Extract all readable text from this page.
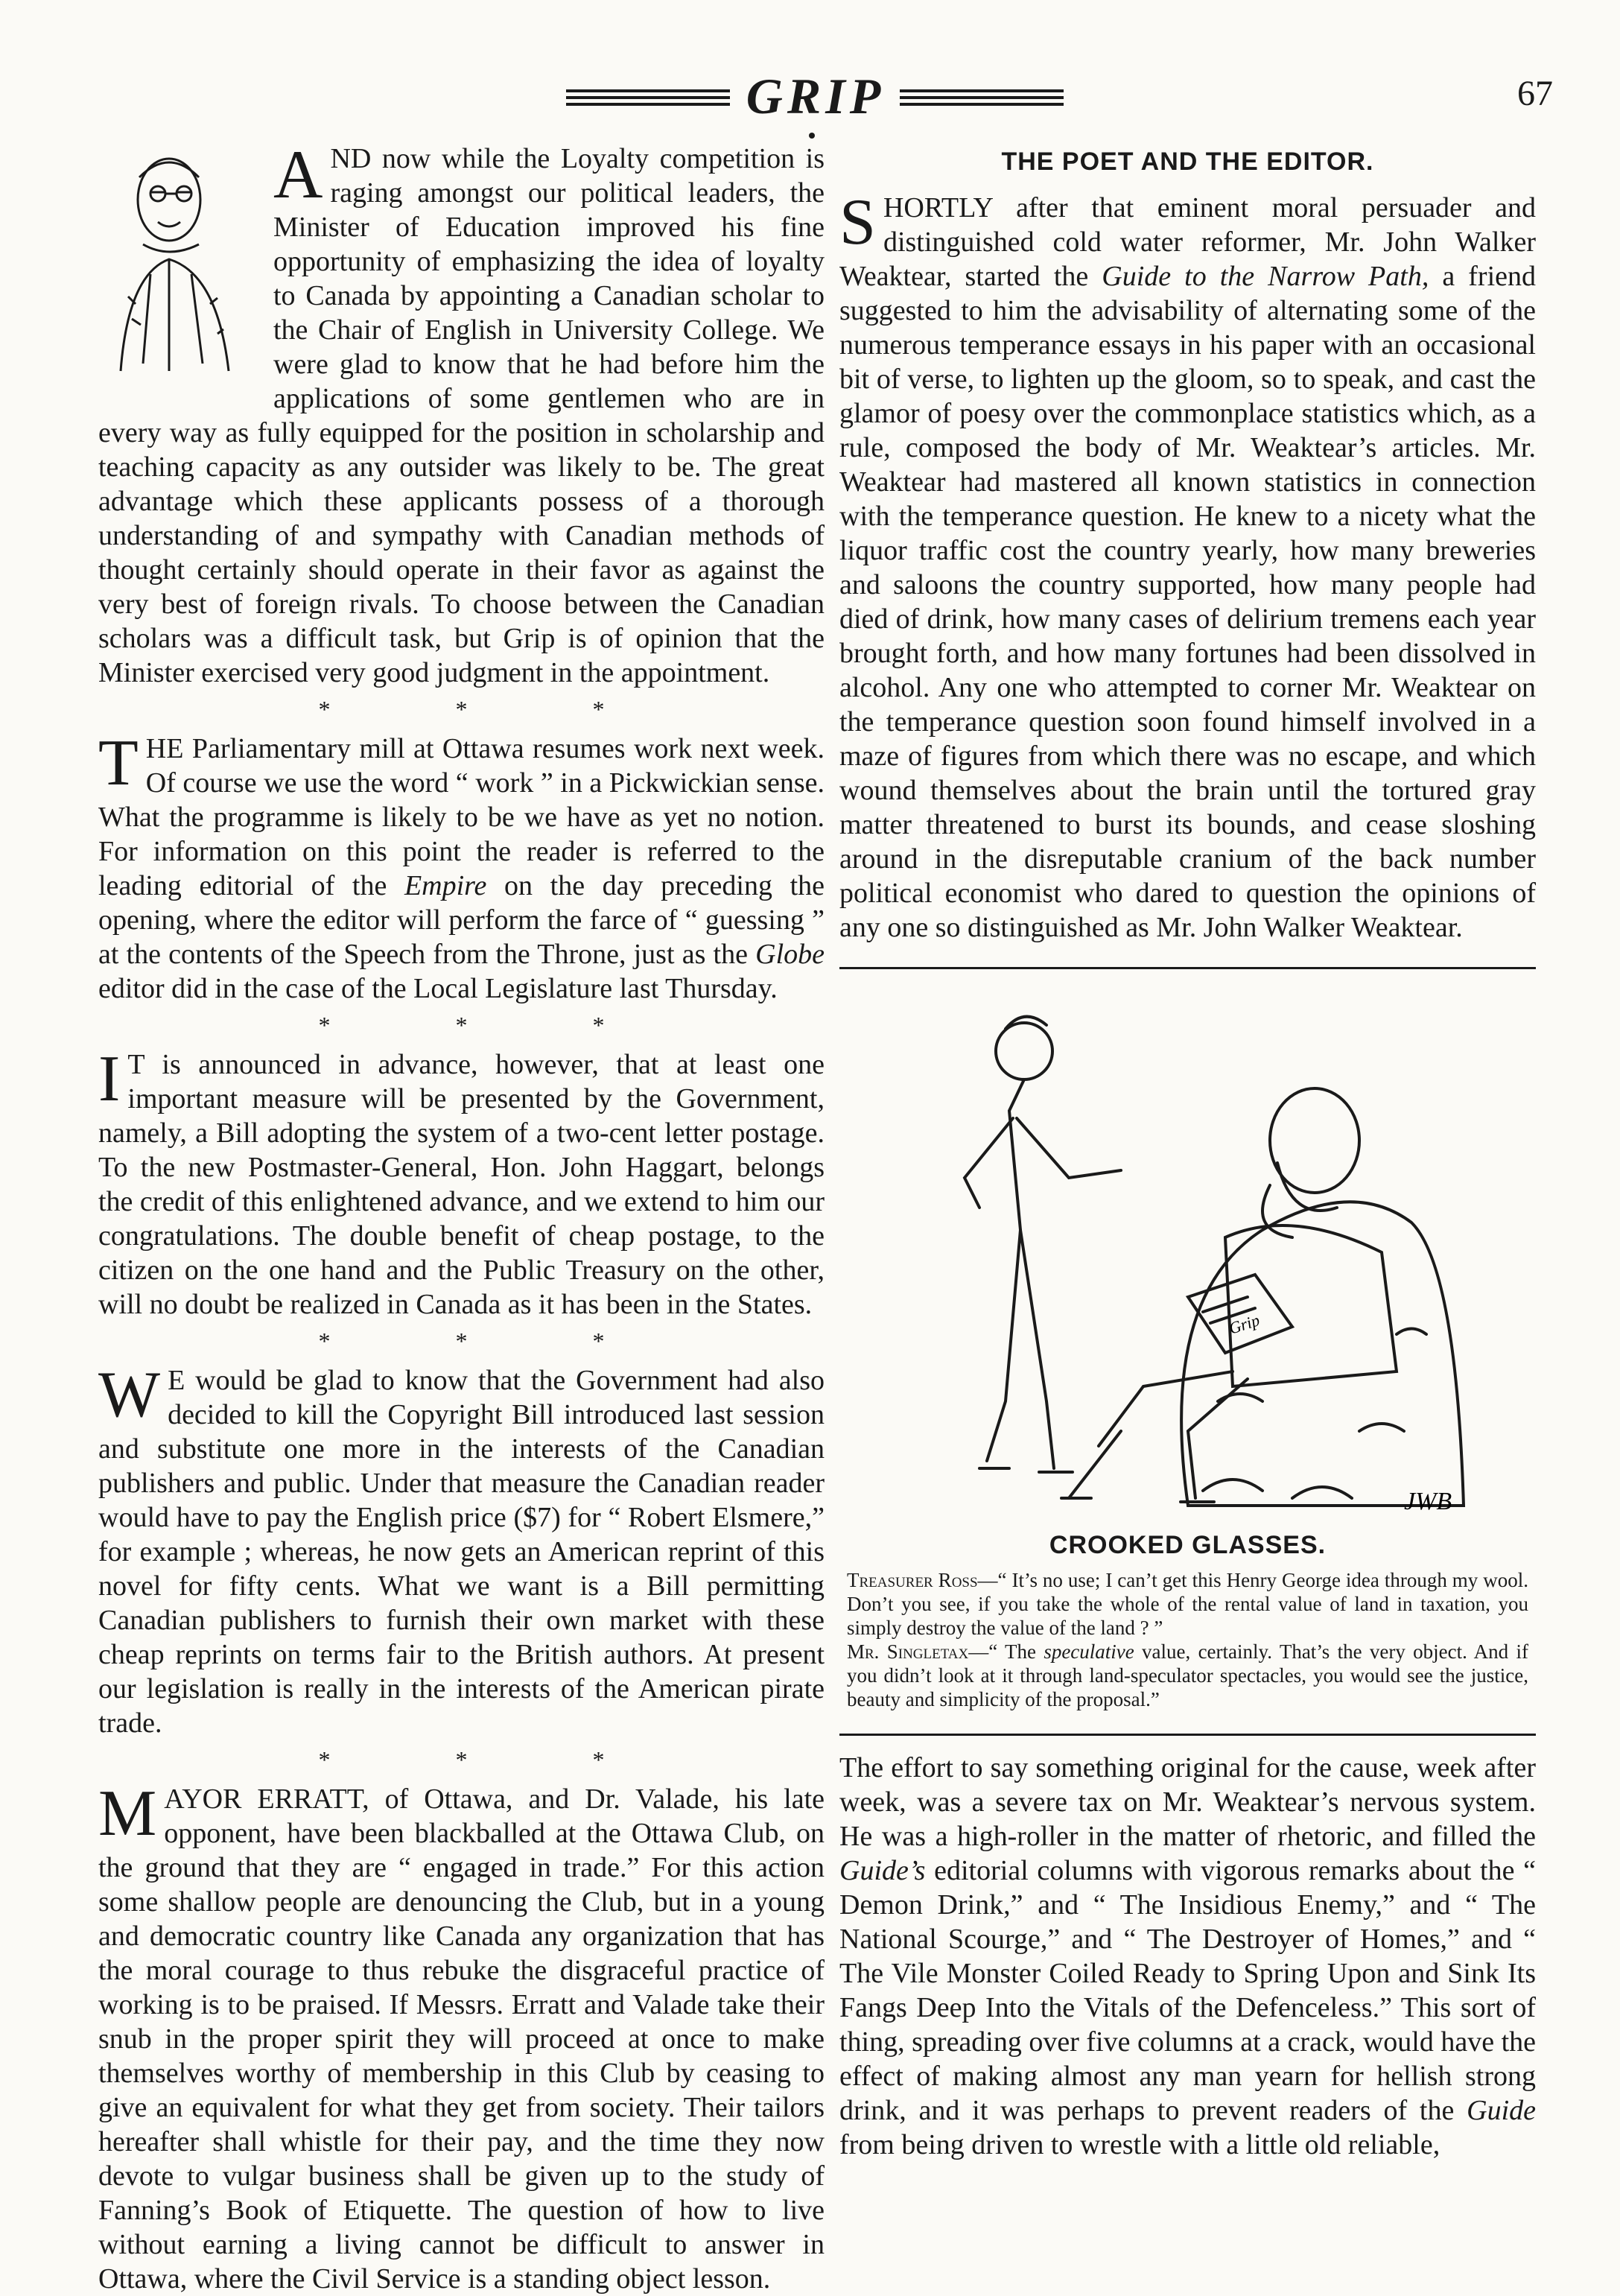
GRIP	67

AND now while the Loyalty competition is raging amongst our political leaders, the Minister of Education improved his fine opportunity of emphasizing the idea of loyalty to Canada by appointing a Canadian scholar to the Chair of English in University College. We were glad to know that he had before him the applications of some gentlemen who are in every way as fully equipped for the position in scholarship and teaching capacity as any outsider was likely to be. The great advantage which these applicants possess of a thorough understanding of and sympathy with Canadian methods of thought certainly should operate in their favor as against the very best of foreign rivals. To choose between the Canadian scholars was a difficult task, but Grip is of opinion that the Minister exercised very good judgment in the appointment.

* * *

THE Parliamentary mill at Ottawa resumes work next week. Of course we use the word “ work ” in a Pickwickian sense. What the programme is likely to be we have as yet no notion. For information on this point the reader is referred to the leading editorial of the Empire on the day preceding the opening, where the editor will perform the farce of “ guessing ” at the contents of the Speech from the Throne, just as the Globe editor did in the case of the Local Legislature last Thursday.

* * *

I T is announced in advance, however, that at least one important measure will be presented by the Government, namely, a Bill adopting the system of a two-cent letter postage. To the new Postmaster-General, Hon. John Haggart, belongs the credit of this enlightened advance, and we extend to him our congratulations. The double benefit of cheap postage, to the citizen on the one hand and the Public Treasury on the other, will no doubt be realized in Canada as it has been in the States.

* * *

W E would be glad to know that the Government had also decided to kill the Copyright Bill introduced last session and substitute one more in the interests of the Canadian publishers and public. Under that measure the Canadian reader would have to pay the English price ($7) for “ Robert Elsmere,” for example ; whereas, he now gets an American reprint of this novel for fifty cents. What we want is a Bill permitting Canadian publishers to furnish their own market with these cheap reprints on terms fair to the British authors. At present our legislation is really in the interests of the American pirate trade.

* * *

MAYOR ERRATT, of Ottawa, and Dr. Valade, his late opponent, have been blackballed at the Ottawa Club, on the ground that they are “ engaged in trade.” For this action some shallow people are denouncing the Club, but in a young and democratic country like Canada any organization that has the moral courage to thus rebuke the disgraceful practice of working is to be praised. If Messrs. Erratt and Valade take their snub in the proper spirit they will proceed at once to make themselves worthy of membership in this Club by ceasing to give an equivalent for what they get from society. Their tailors hereafter shall whistle for their pay, and the time they now devote to vulgar business shall be given up to the study of Fanning’s Book of Etiquette. The question of how to live without earning a living cannot be difficult to answer in Ottawa, where the Civil Service is a standing object lesson.

THE POET AND THE EDITOR.

SHORTLY after that eminent moral persuader and distinguished cold water reformer, Mr. John Walker Weaktear, started the Guide to the Narrow Path, a friend suggested to him the advisability of alternating some of the numerous temperance essays in his paper with an occasional bit of verse, to lighten up the gloom, so to speak, and cast the glamor of poesy over the commonplace statistics which, as a rule, composed the body of Mr. Weaktear’s articles. Mr. Weaktear had mastered all known statistics in connection with the temperance question. He knew to a nicety what the liquor traffic cost the country yearly, how many breweries and saloons the country supported, how many people had died of drink, how many cases of delirium tremens each year brought forth, and how many fortunes had been dissolved in alcohol. Any one who attempted to corner Mr. Weaktear on the temperance question soon found himself involved in a maze of figures from which there was no escape, and which wound themselves about the brain until the tortured gray matter threatened to burst its bounds, and cease sloshing around in the disreputable cranium of the back number political economist who dared to question the opinions of any one so distinguished as Mr. John Walker Weaktear.

Grip
JWB
CROOKED GLASSES.

Treasurer Ross—“ It’s no use; I can’t get this Henry George idea through my wool. Don’t you see, if you take the whole of the rental value of land in taxation, you simply destroy the value of the land ? ”

Mr. Singletax—“ The speculative value, certainly. That’s the very object. And if you didn’t look at it through land-speculator spectacles, you would see the justice, beauty and simplicity of the proposal.”

The effort to say something original for the cause, week after week, was a severe tax on Mr. Weaktear’s nervous system. He was a high-roller in the matter of rhetoric, and filled the Guide’s editorial columns with vigorous remarks about the “ Demon Drink,” and “ The Insidious Enemy,” and “ The National Scourge,” and “ The Destroyer of Homes,” and “ The Vile Monster Coiled Ready to Spring Upon and Sink Its Fangs Deep Into the Vitals of the Defenceless.” This sort of thing, spreading over five columns at a crack, would have the effect of making almost any man yearn for hellish strong drink, and it was perhaps to prevent readers of the Guide from being driven to wrestle with a little old reliable,
